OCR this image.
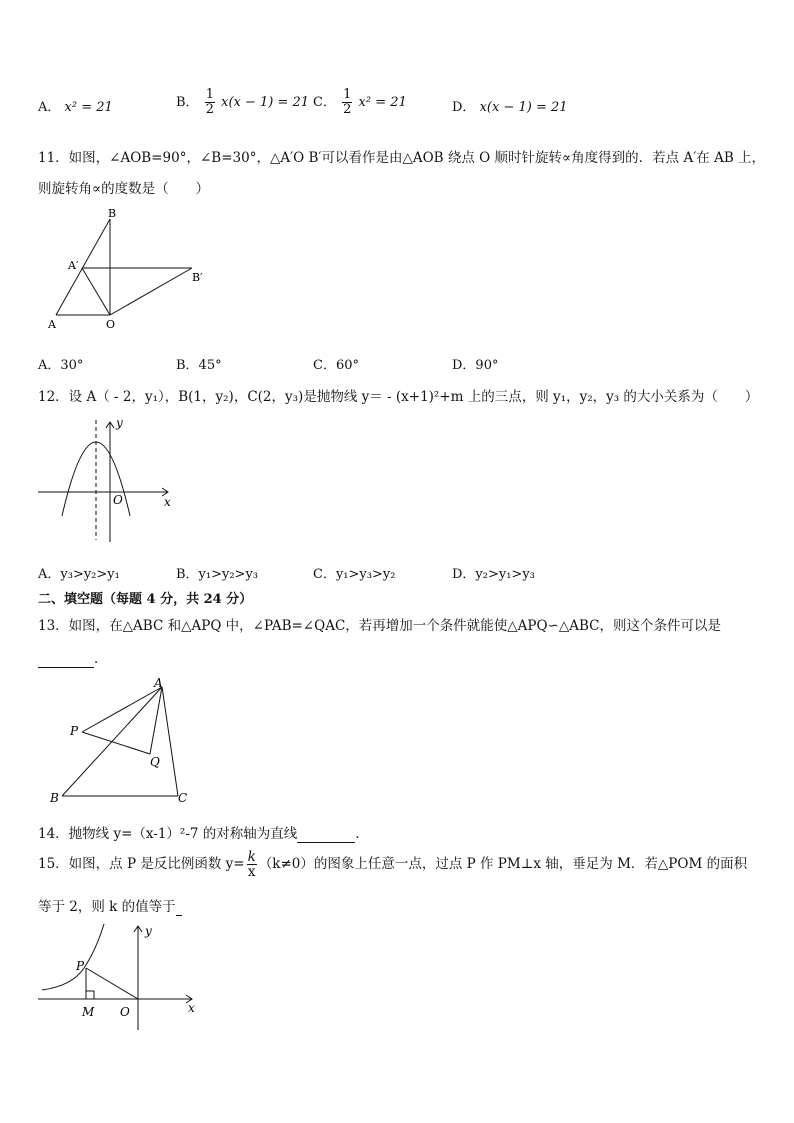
A． x² = 21	B． $\frac{1}{2} x(x - 1) = 21$ C． $\frac{1}{2} x^2 = 21$	D． x(x − 1) = 21
11．如图，∠AOB=90°，∠B=30°，△A′O B′可以看作是由△AOB 绕点 O 顺时针旋转∝角度得到的．若点 A′在 AB 上，
则旋转角∝的度数是（　　）
A	O
B
A′
B′
A．30°	B．45°	C．60°	D．90°
12．设 A（ - 2，y₁），B(1，y₂)，C(2，y₃)是抛物线 y＝ - (x+1)²+m 上的三点，则 y₁，y₂，y₃ 的大小关系为（　　）
y
x
O
A．y₃>y₂>y₁	B．y₁>y₂>y₃	C．y₁>y₃>y₂	D．y₂>y₁>y₃
二、填空题（每题 4 分，共 24 分）
13．如图，在△ABC 和△APQ 中，∠PAB=∠QAC，若再增加一个条件就能使△APQ∽△ABC，则这个条件可以是
．
A
P
Q
B	C
14．抛物线 y=（x-1）²-7 的对称轴为直线	．
15．如图，点 P 是反比例函数 $y= \frac{k}{x} (k\ne 0)$的图象上任意一点，过点 P 作 PM⊥x 轴，垂足为 M．若△POM 的面积
等于 2，则 k 的值等于
y
x
P
M O
